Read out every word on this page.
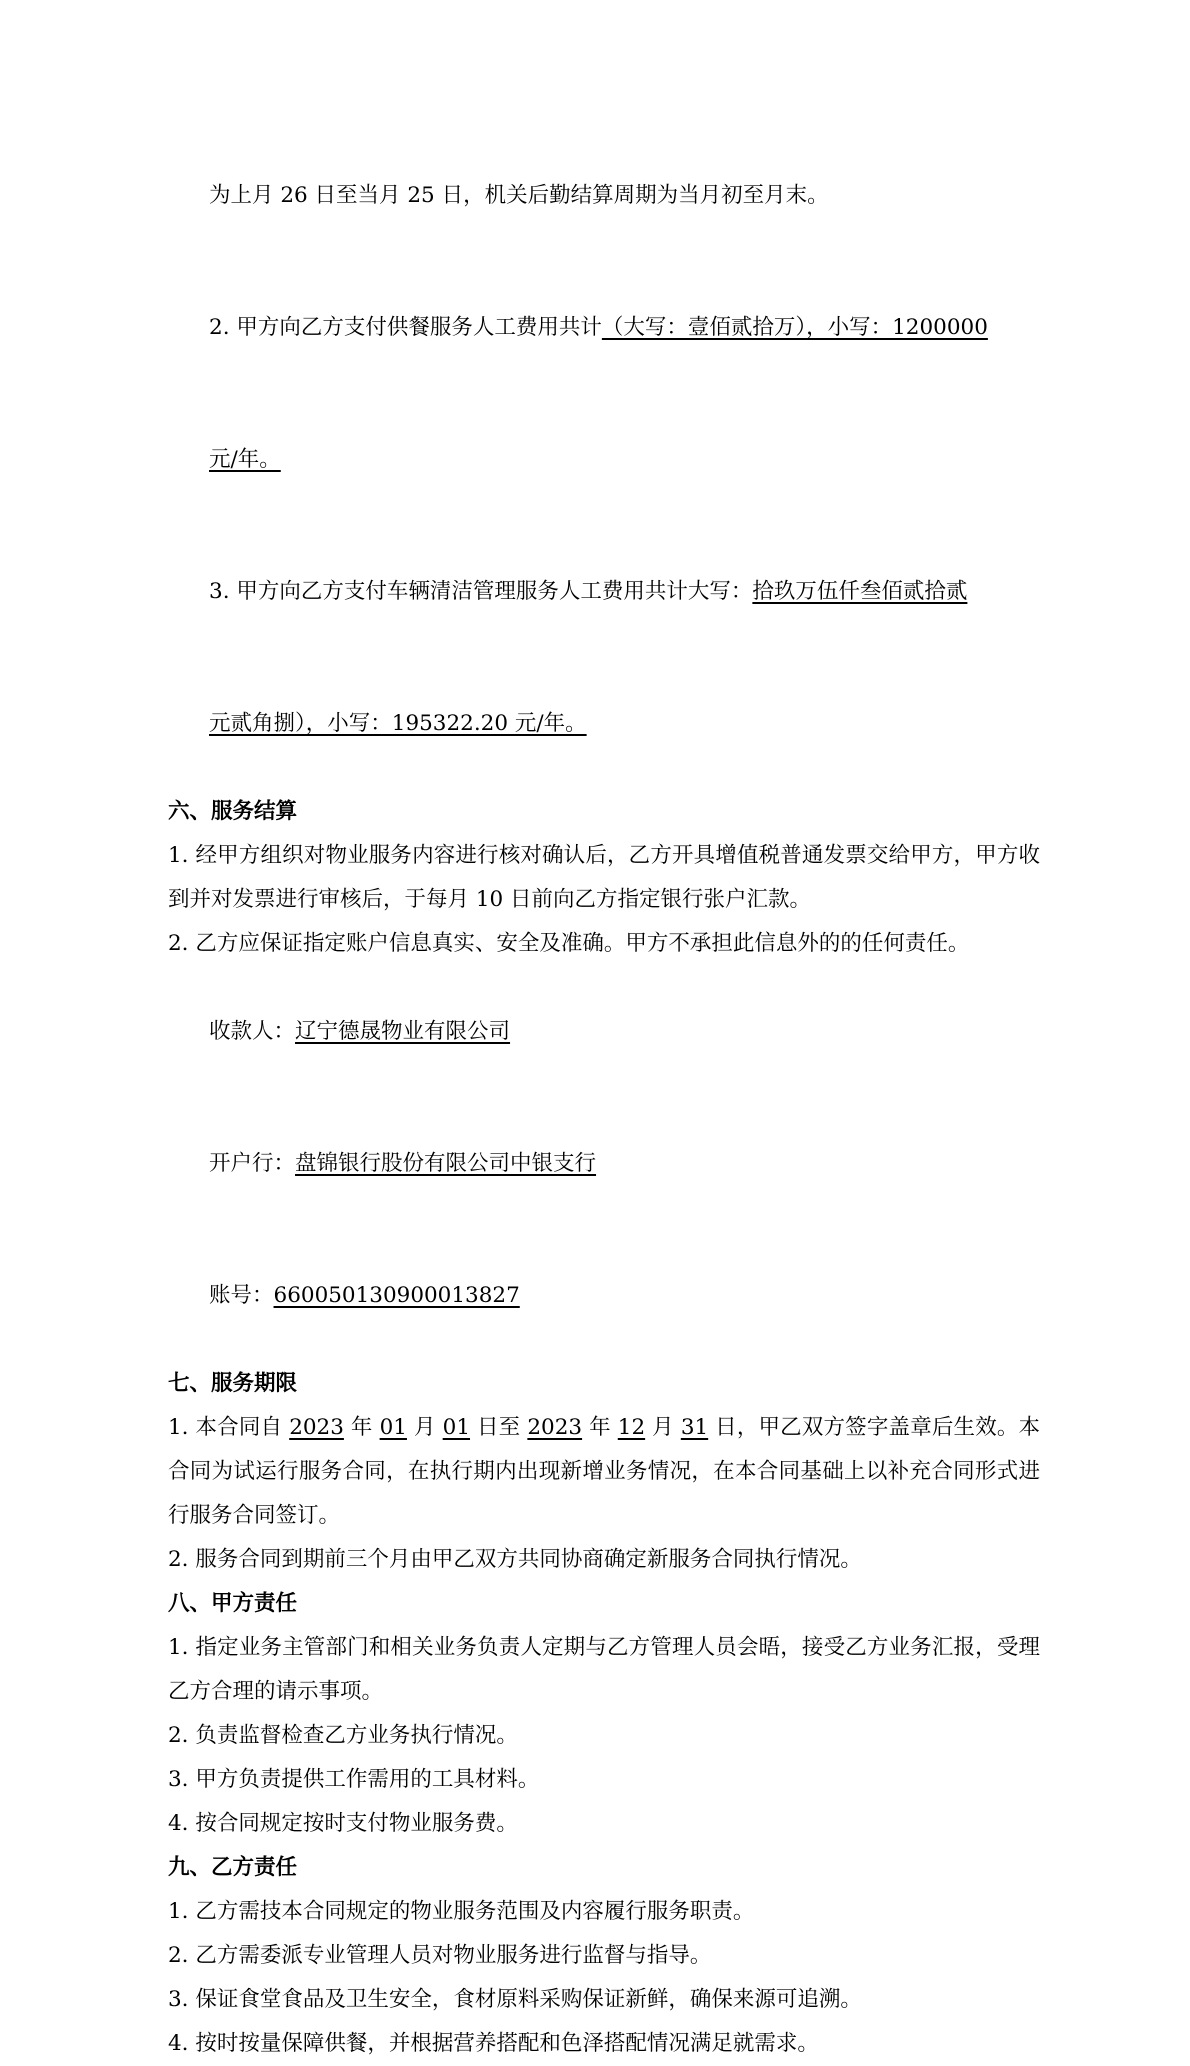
为上月 26 日至当月 25 日，机关后勤结算周期为当月初至月末。

2. 甲方向乙方支付供餐服务人工费用共计（大写：壹佰贰拾万），小写：1200000

元/年。

3. 甲方向乙方支付车辆清洁管理服务人工费用共计大写：拾玖万伍仟叁佰贰拾贰

元贰角捌），小写：195322.20 元/年。

六、服务结算

1. 经甲方组织对物业服务内容进行核对确认后，乙方开具增值税普通发票交给甲方，甲方收到并对发票进行审核后，于每月 10 日前向乙方指定银行张户汇款。

2. 乙方应保证指定账户信息真实、安全及准确。甲方不承担此信息外的的任何责任。

收款人：辽宁德晟物业有限公司

开户行：盘锦银行股份有限公司中银支行

账号：660050130900013827

七、服务期限

1. 本合同自 2023 年 01 月 01 日至 2023 年 12 月 31 日，甲乙双方签字盖章后生效。本合同为试运行服务合同，在执行期内出现新增业务情况，在本合同基础上以补充合同形式进行服务合同签订。

2. 服务合同到期前三个月由甲乙双方共同协商确定新服务合同执行情况。

八、甲方责任

1. 指定业务主管部门和相关业务负责人定期与乙方管理人员会晤，接受乙方业务汇报，受理乙方合理的请示事项。

2. 负责监督检查乙方业务执行情况。

3. 甲方负责提供工作需用的工具材料。

4. 按合同规定按时支付物业服务费。

九、乙方责任

1. 乙方需技本合同规定的物业服务范围及内容履行服务职责。

2. 乙方需委派专业管理人员对物业服务进行监督与指导。

3. 保证食堂食品及卫生安全，食材原料采购保证新鲜，确保来源可追溯。

4. 按时按量保障供餐，并根据营养搭配和色泽搭配情况满足就需求。
